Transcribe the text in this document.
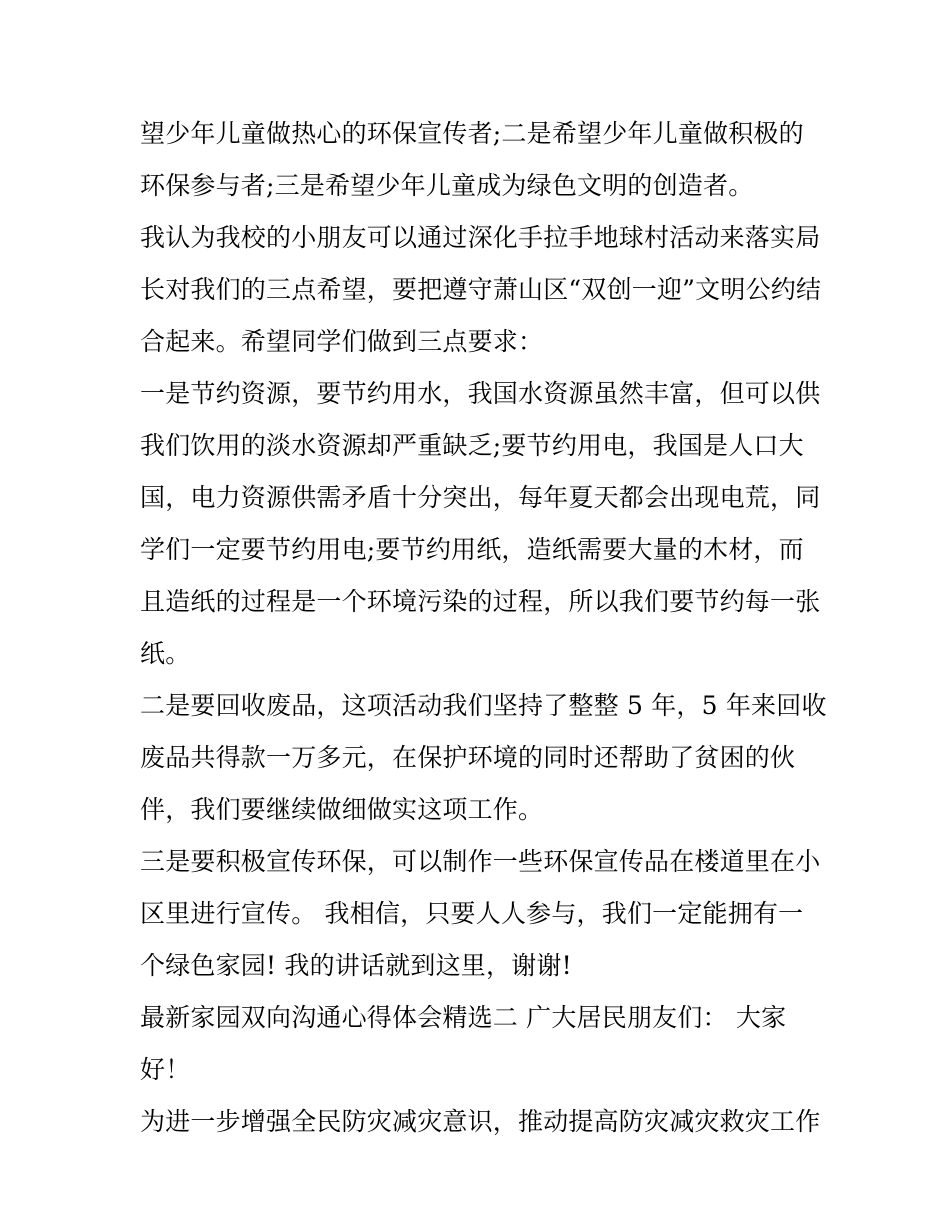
望少年儿童做热心的环保宣传者;二是希望少年儿童做积极的
环保参与者;三是希望少年儿童成为绿色文明的创造者。
我认为我校的小朋友可以通过深化手拉手地球村活动来落实局
长对我们的三点希望，要把遵守萧山区“双创一迎”文明公约结
合起来。希望同学们做到三点要求：
一是节约资源，要节约用水，我国水资源虽然丰富，但可以供
我们饮用的淡水资源却严重缺乏;要节约用电，我国是人口大
国，电力资源供需矛盾十分突出，每年夏天都会出现电荒，同
学们一定要节约用电;要节约用纸，造纸需要大量的木材，而
且造纸的过程是一个环境污染的过程，所以我们要节约每一张
纸。
二是要回收废品，这项活动我们坚持了整整 5 年，5 年来回收
废品共得款一万多元，在保护环境的同时还帮助了贫困的伙
伴，我们要继续做细做实这项工作。
三是要积极宣传环保，可以制作一些环保宣传品在楼道里在小
区里进行宣传。 我相信，只要人人参与，我们一定能拥有一
个绿色家园! 我的讲话就到这里，谢谢!
最新家园双向沟通心得体会精选二 广大居民朋友们： 大家
好！
为进一步增强全民防灾减灾意识，推动提高防灾减灾救灾工作
